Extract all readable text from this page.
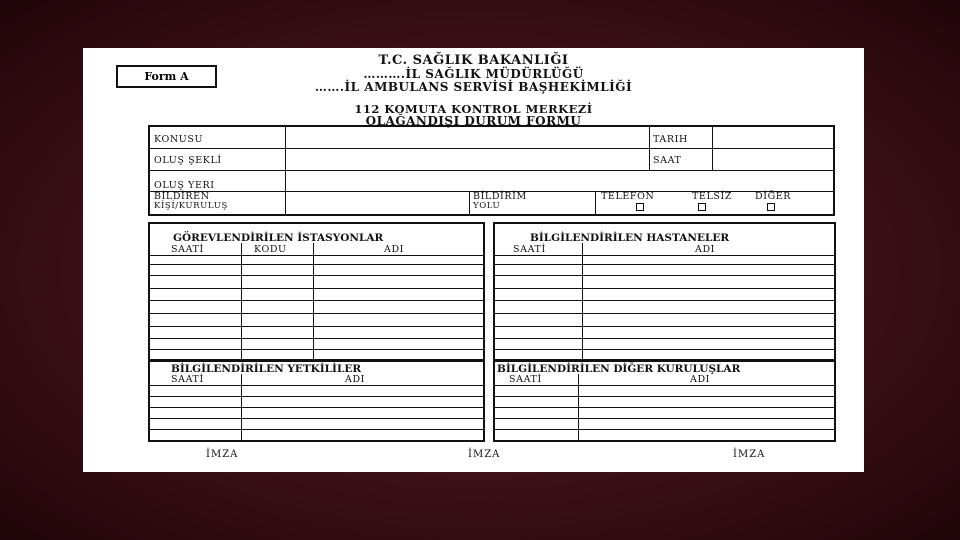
Form A
T.C. SAĞLIK BAKANLIĞI
……….İL SAĞLIK MÜDÜRLÜĞÜ
…….İL AMBULANS SERVİSİ BAŞHEKİMLİĞİ
112 KOMUTA KONTROL MERKEZİ
OLAĞANDIŞI DURUM FORMU
KONUSU	TARIH
OLUŞ ŞEKLİ	SAAT
OLUŞ YERI
BİLDİREN
KİŞİ/KURULUŞ
BİLDİRİM
YOLU
TELEFON	TELSİZ DİĞER
GÖREVLENDİRİLEN İSTASYONLAR
SAATİ	KODU	ADI
BİLGİLENDİRİLEN HASTANELER
SAATİ	ADI
BİLGİLENDİRİLEN YETKİLİLER
SAATİ	ADI
BİLGİLENDİRİLEN DİĞER KURULUŞLAR
SAATİ	ADI
İMZA	İMZA	İMZA
